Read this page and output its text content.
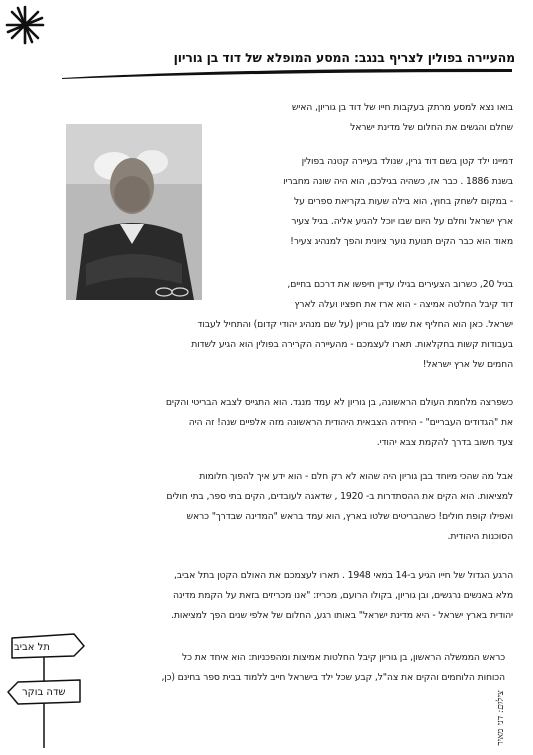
מהעיירה בפולין לצריף בנגב: המסע המופלא של דוד בן גוריון
בואו נצא למסע מרתק בעקבות חייו של דוד בן גוריון, האיש
שחלם והגשים את החלום של מדינת ישראל
דמיינו ילד קטן בשם דוד גרין, שנולד בעיירה קטנה בפולין
בשנת 1886 . כבר אז, כשהיה בגילכם, הוא היה שונה מחבריו
- במקום לשחק בחוץ, הוא בילה שעות בקריאת ספרים על
ארץ ישראל וחלם על היום שבו יוכל להגיע אליה. בגיל צעיר
מאוד הוא כבר הקים תנועת נוער ציונית והפך למנהיג צעיר!
בגיל 20, כשרוב הצעירים בגילו עדיין חיפשו את דרכם בחיים,
דוד קיבל החלטה אמיצה - הוא ארז את חפציו ועלה לארץ
ישראל. כאן הוא החליף את שמו לבן גוריון (על שם מנהיג יהודי קדום) והתחיל לעבוד
בעבודות קשות בחקלאות. תארו לעצמכם - מהעיירה הקרירה בפולין הוא הגיע לשדות
החמים של ארץ ישראל!
כשפרצה מלחמת העולם הראשונה, בן גוריון לא עמד מנגד. הוא התגייס לצבא הבריטי והקים
את "הגדודים העבריים" - היחידה הצבאית היהודית הראשונה מזה אלפיים שנה! זה היה
צעד חשוב בדרך להקמת צבא יהודי.
אבל מה שהכי מיוחד בבן גוריון היה שהוא לא רק חלם - הוא ידע איך להפוך חלומות
למציאות. הוא הקים את ההסתדרות ב- 1920 , שדאגה לעובדים, הקים בתי ספר, בתי חולים
ואפילו קופת חולים! כשהבריטים שלטו בארץ, הוא עמד בראש "המדינה שבדרך" כראש
הסוכנות היהודית.
הרגע הגדול של חייו הגיע ב-14 במאי 1948 . תארו לעצמכם את האולם הקטן בתל אביב,
מלא באנשים נרגשים, ובן גוריון, בקולו הרועם, מכריז: "אנו מכריזים בזאת על הקמת מדינה
יהודית בארץ ישראל - היא מדינת ישראל" באותו רגע, החלום של אלפי שנים הפך למציאות.
כראש הממשלה הראשון, בן גוריון קיבל החלטות אמיצות ומהפכניות: הוא איחד את כל
הכוחות הלוחמים והקים את צה"ל, קבע שכל ילד בישראל חייב ללמוד בבית ספר בחינם (כן,
תל אביב
שדה בוקר	צילום: דני מאיר
